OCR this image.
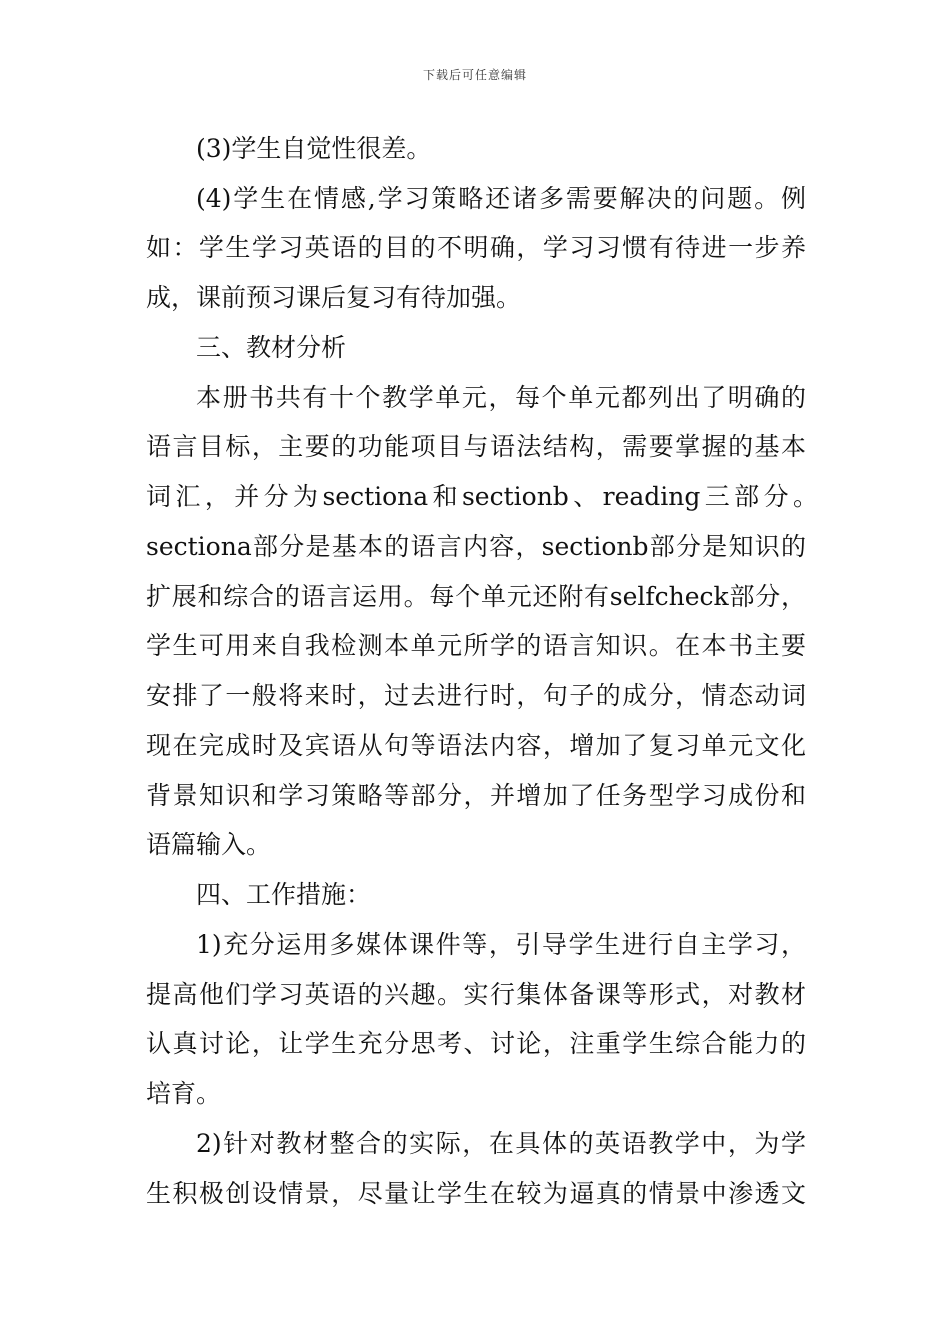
下载后可任意编辑
(3)学生自觉性很差。
(4)学生在情感,学习策略还诸多需要解决的问题。例
如：学生学习英语的目的不明确，学习习惯有待进一步养
成，课前预习课后复习有待加强。
三、教材分析
本册书共有十个教学单元，每个单元都列出了明确的
语言目标，主要的功能项目与语法结构，需要掌握的基本
词汇，并分为sectiona和sectionb、reading三部分。
sectiona部分是基本的语言内容，sectionb部分是知识的
扩展和综合的语言运用。每个单元还附有selfcheck部分，
学生可用来自我检测本单元所学的语言知识。在本书主要
安排了一般将来时，过去进行时，句子的成分，情态动词
现在完成时及宾语从句等语法内容，增加了复习单元文化
背景知识和学习策略等部分，并增加了任务型学习成份和
语篇输入。
四、工作措施：
1)充分运用多媒体课件等，引导学生进行自主学习，
提高他们学习英语的兴趣。实行集体备课等形式，对教材
认真讨论，让学生充分思考、讨论，注重学生综合能力的
培育。
2)针对教材整合的实际，在具体的英语教学中，为学
生积极创设情景，尽量让学生在较为逼真的情景中渗透文
